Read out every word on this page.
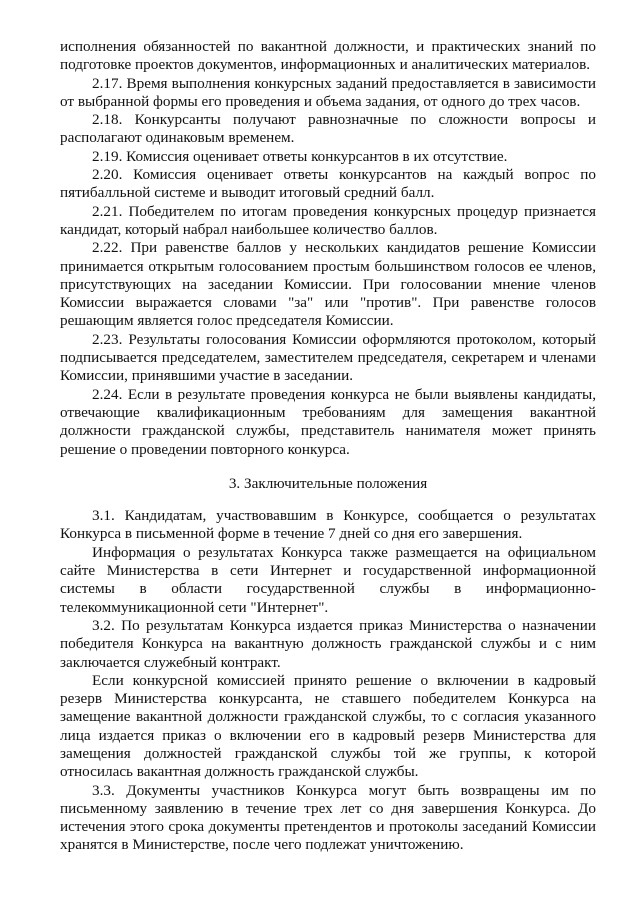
исполнения обязанностей по вакантной должности, и практических знаний по подготовке проектов документов, информационных и аналитических материалов.

2.17. Время выполнения конкурсных заданий предоставляется в зависимости от выбранной формы его проведения и объема задания, от одного до трех часов.

2.18. Конкурсанты получают равнозначные по сложности вопросы и располагают одинаковым временем.

2.19. Комиссия оценивает ответы конкурсантов в их отсутствие.

2.20. Комиссия оценивает ответы конкурсантов на каждый вопрос по пятибалльной системе и выводит итоговый средний балл.

2.21. Победителем по итогам проведения конкурсных процедур признается кандидат, который набрал наибольшее количество баллов.

2.22. При равенстве баллов у нескольких кандидатов решение Комиссии принимается открытым голосованием простым большинством голосов ее членов, присутствующих на заседании Комиссии. При голосовании мнение членов Комиссии выражается словами "за" или "против". При равенстве голосов решающим является голос председателя Комиссии.

2.23. Результаты голосования Комиссии оформляются протоколом, который подписывается председателем, заместителем председателя, секретарем и членами Комиссии, принявшими участие в заседании.

2.24. Если в результате проведения конкурса не были выявлены кандидаты, отвечающие квалификационным требованиям для замещения вакантной должности гражданской службы, представитель нанимателя может принять решение о проведении повторного конкурса.

3. Заключительные положения

3.1. Кандидатам, участвовавшим в Конкурсе, сообщается о результатах Конкурса в письменной форме в течение 7 дней со дня его завершения.

Информация о результатах Конкурса также размещается на официальном сайте Министерства в сети Интернет и государственной информационной системы в области государственной службы в информационно-телекоммуникационной сети "Интернет".

3.2. По результатам Конкурса издается приказ Министерства о назначении победителя Конкурса на вакантную должность гражданской службы и с ним заключается служебный контракт.

Если конкурсной комиссией принято решение о включении в кадровый резерв Министерства конкурсанта, не ставшего победителем Конкурса на замещение вакантной должности гражданской службы, то с согласия указанного лица издается приказ о включении его в кадровый резерв Министерства для замещения должностей гражданской службы той же группы, к которой относилась вакантная должность гражданской службы.

3.3. Документы участников Конкурса могут быть возвращены им по письменному заявлению в течение трех лет со дня завершения Конкурса. До истечения этого срока документы претендентов и протоколы заседаний Комиссии хранятся в Министерстве, после чего подлежат уничтожению.
